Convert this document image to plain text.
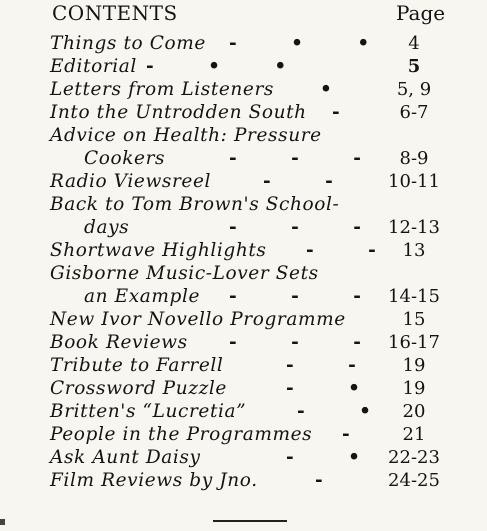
CONTENTS	Page
Things to Come - • • 4
Editorial - • •	5
Letters from Listeners •	5, 9
Into the Untrodden South -	6-7
Advice on Health: Pressure
Cookers	- - - 8-9
Radio Viewsreel	- -	10-11
Back to Tom Brown's School-
days	- - - 12-13
Shortwave Highlights - - 13
Gisborne Music-Lover Sets
an Example - - - 14-15
New Ivor Novello Programme	15
Book Reviews - - - 16-17
Tribute to Farrell	- -	19
Crossword Puzzle	- •	19
Britten's “Lucretia”	- • 20
People in the Programmes -	21
Ask Aunt Daisy	- • 22-23
Film Reviews by Jno.	-	24-25
